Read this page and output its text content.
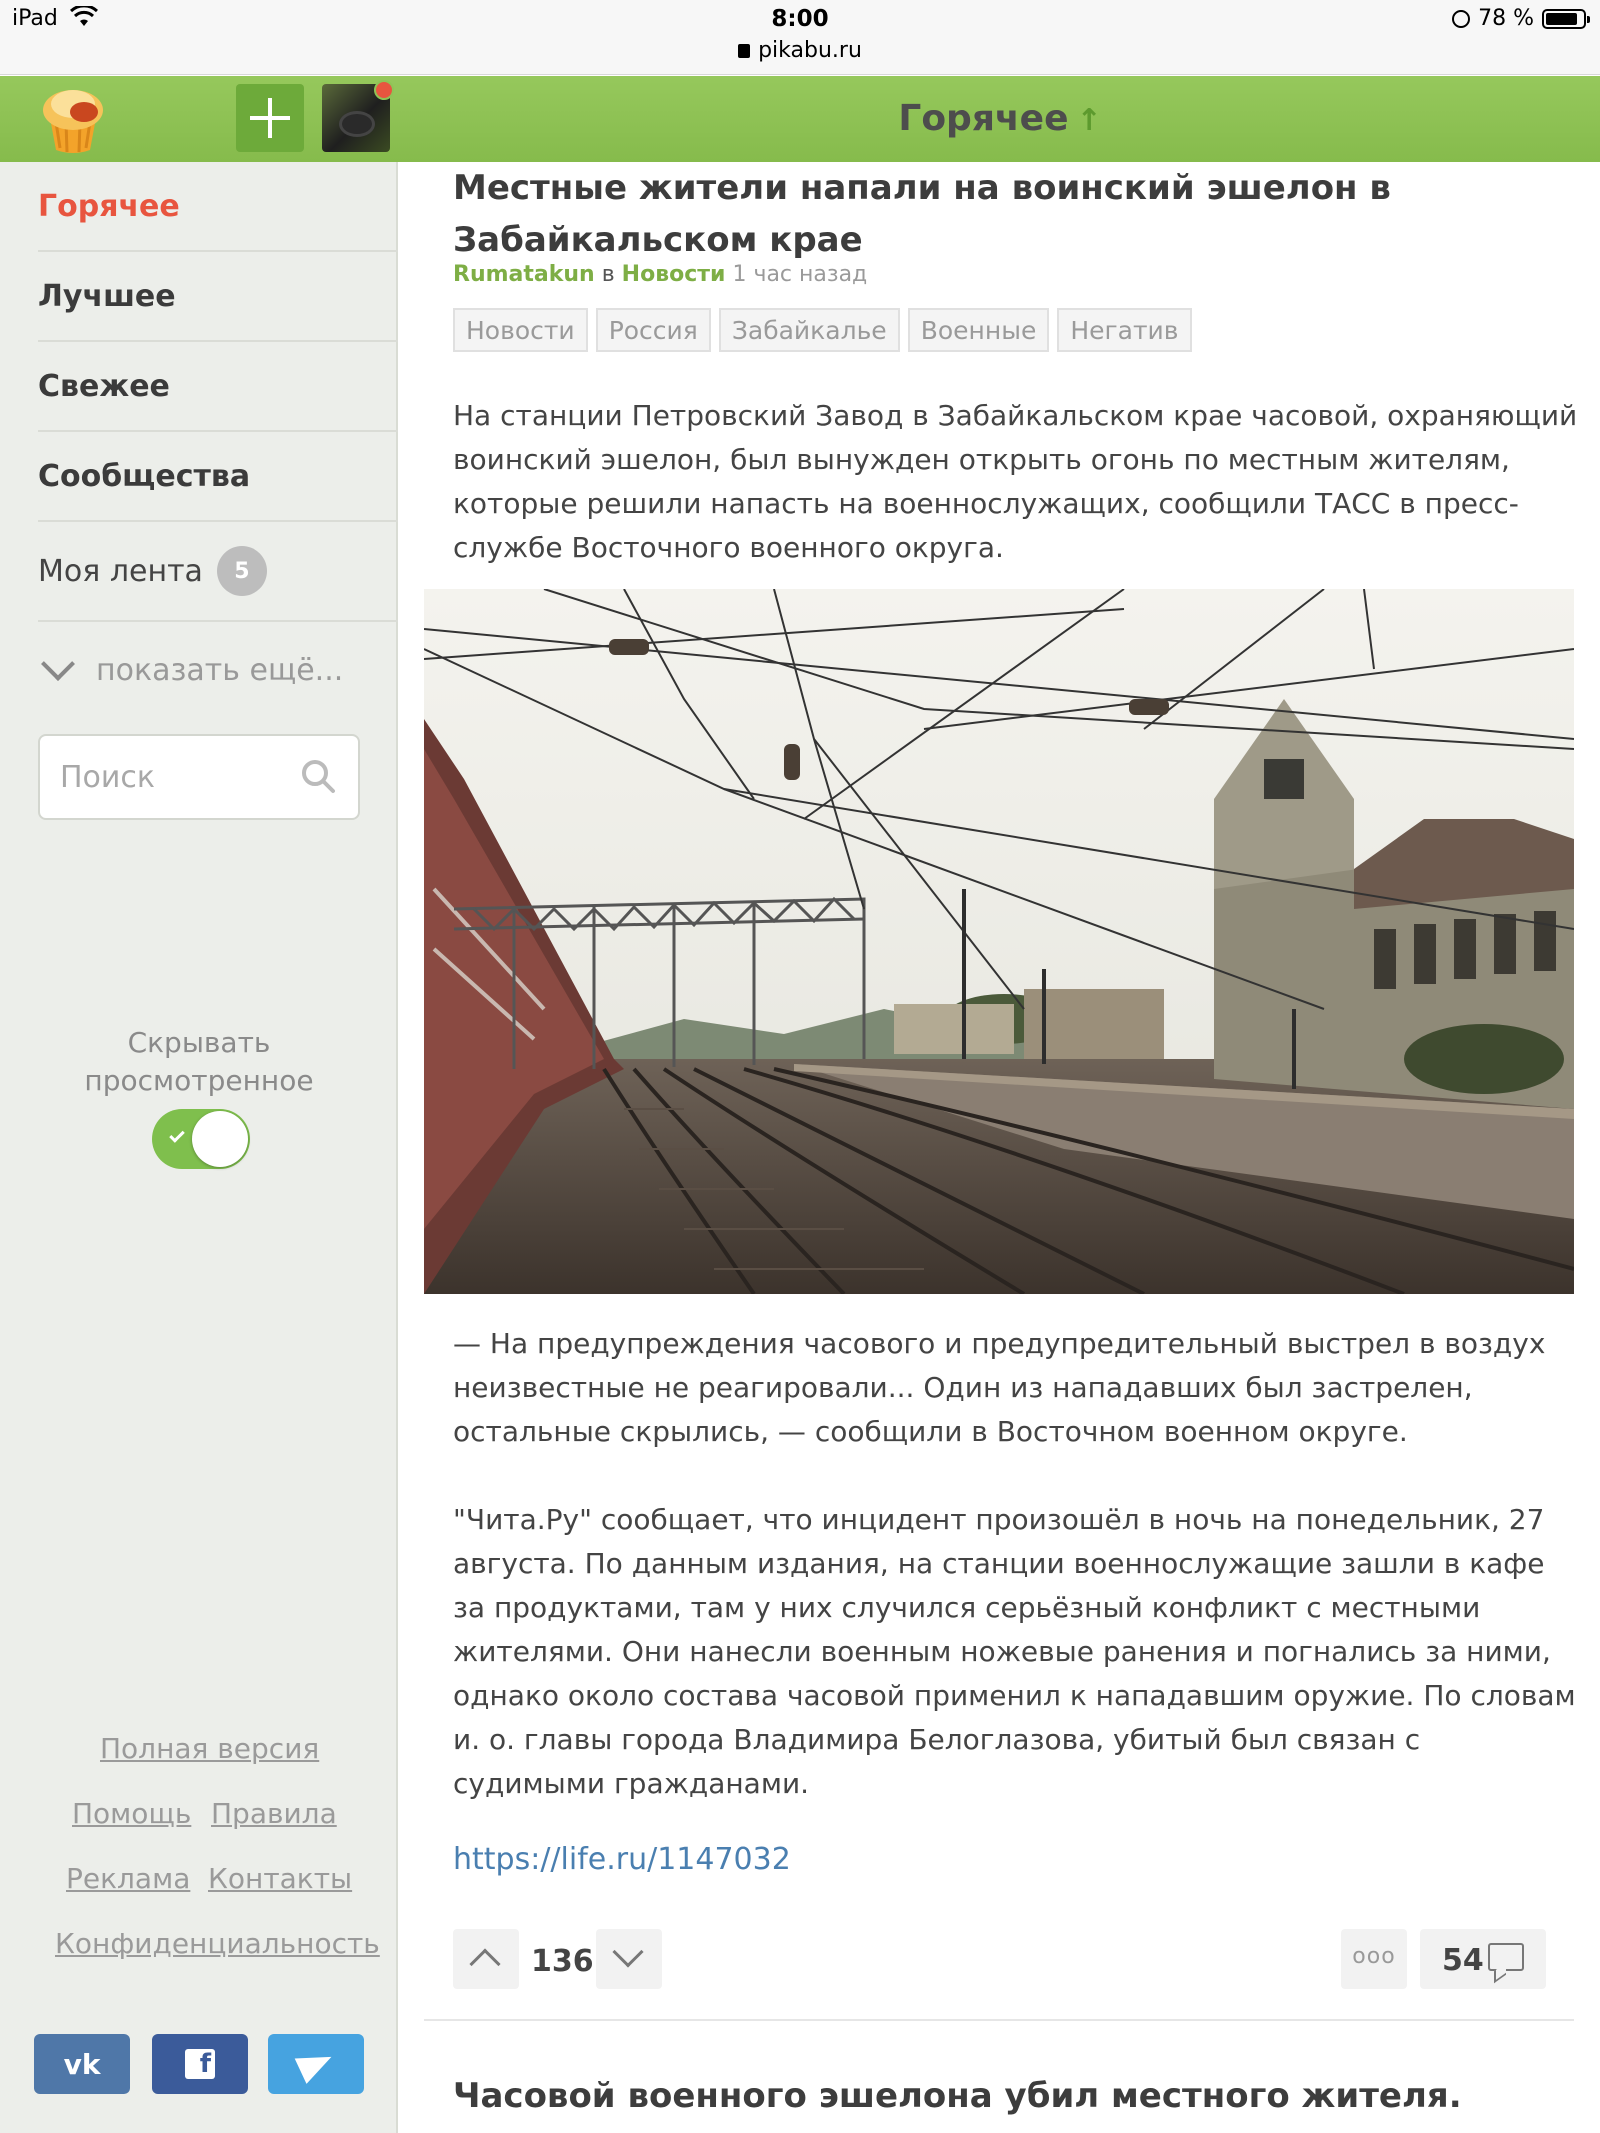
iPad	8:00
pikabu.ru
78 %
Горячее ↑
Горячее
Лучшее
Свежее
Сообщества
Моя лента	5
показать ещё...
Поиск
Скрывать просмотренное
Полная версия
Помощь Правила
Реклама Контакты
Конфиденциальность
vk	f
Местные жители напали на воинский эшелон в Забайкальском крае
Rumatakun в Новости 1 час назад
Новости	Россия	Забайкалье	Военные	Негатив
На станции Петровский Завод в Забайкальском крае часовой, охраняющий воинский эшелон, был вынужден открыть огонь по местным жителям, которые решили напасть на военнослужащих, сообщили ТАСС в пресс-службе Восточного военного округа.
— На предупреждения часового и предупредительный выстрел в воздух неизвестные не реагировали... Один из нападавших был застрелен, остальные скрылись, — сообщили в Восточном военном округе.
"Чита.Ру" сообщает, что инцидент произошёл в ночь на понедельник, 27 августа. По данным издания, на станции военнослужащие зашли в кафе за продуктами, там у них случился серьёзный конфликт с местными жителями. Они нанесли военным ножевые ранения и погнались за ними, однако около состава часовой применил к нападавшим оружие. По словам и. о. главы города Владимира Белоглазова, убитый был связан с судимыми гражданами.
https://life.ru/1147032
136	ooo	54
Часовой военного эшелона убил местного жителя.
